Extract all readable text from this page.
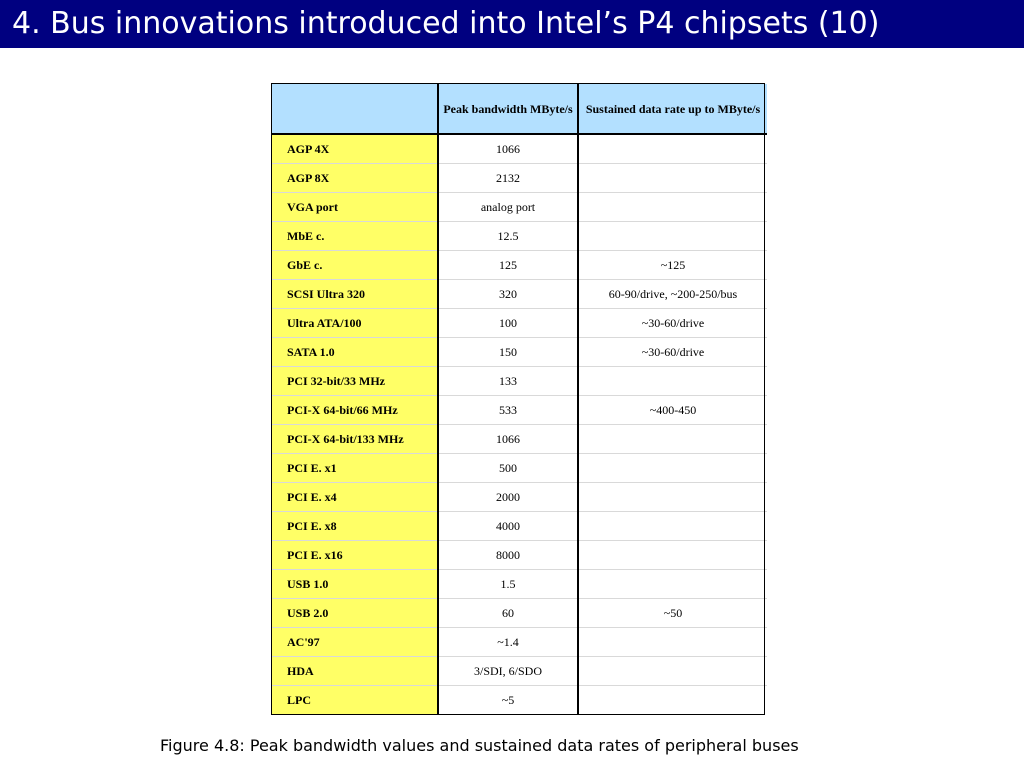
4. Bus innovations introduced into Intel’s P4 chipsets (10)
	Peak bandwidth MByte/s	Sustained data rate up to MByte/s
AGP 4X	1066	
AGP 8X	2132	
VGA port	analog port	
MbE c.	12.5	
GbE c.	125	~125
SCSI Ultra 320	320	60-90/drive, ~200-250/bus
Ultra ATA/100	100	~30-60/drive
SATA 1.0	150	~30-60/drive
PCI 32-bit/33 MHz	133	
PCI-X 64-bit/66 MHz	533	~400-450
PCI-X 64-bit/133 MHz	1066	
PCI E. x1	500	
PCI E. x4	2000	
PCI E. x8	4000	
PCI E. x16	8000	
USB 1.0	1.5	
USB 2.0	60	~50
AC'97	~1.4	
HDA	3/SDI, 6/SDO	
LPC	~5	
Figure 4.8: Peak bandwidth values and sustained data rates of peripheral buses
